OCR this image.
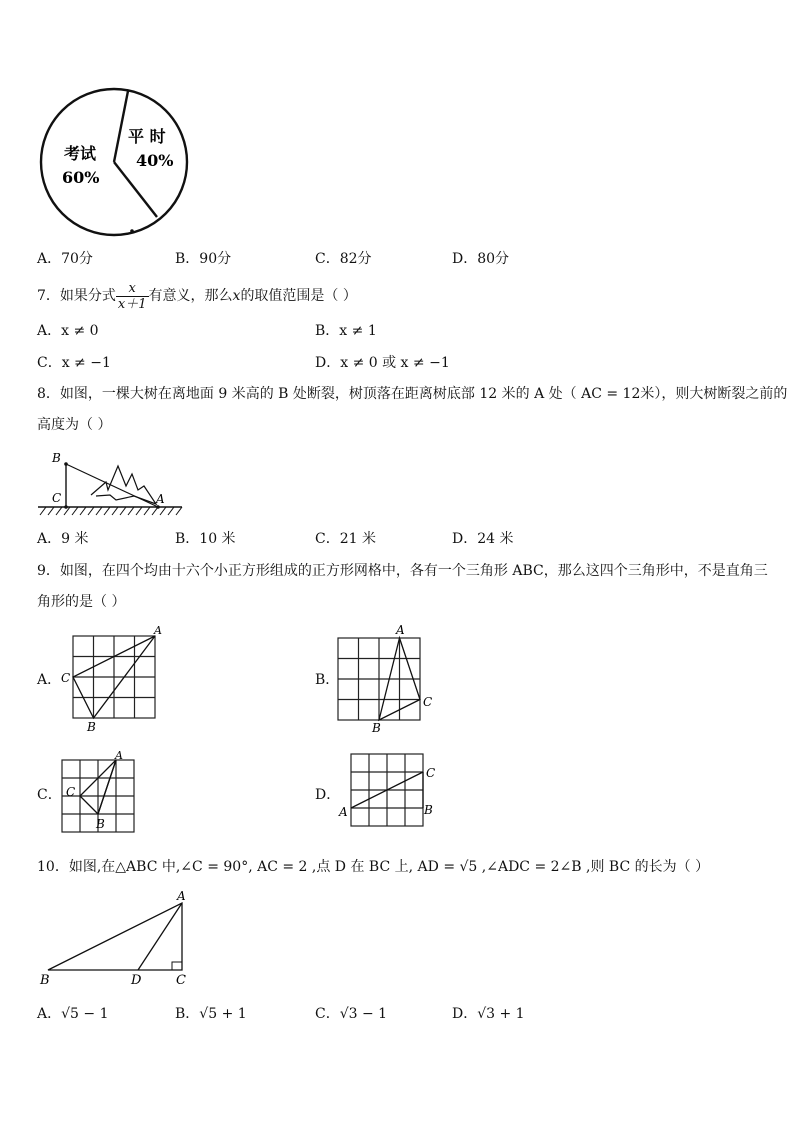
考试
60%
平 时
40%
A．70分	B．90分	C．82分	D．80分
7．如果分式 $\frac{x}{x+1}$ 有意义，那么x的取值范围是（ ）
A．x ≠ 0	B．x ≠ 1
C．x ≠ −1	D．x ≠ 0 或 x ≠ −1
8．如图，一棵大树在离地面 9 米高的 B 处断裂，树顶落在距离树底部 12 米的 A 处（ AC = 12米），则大树断裂之前的
高度为（ ）
B
C	A
A．9 米	B．10 米	C．21 米	D．24 米
9．如图，在四个均由十六个小正方形组成的正方形网格中，各有一个三角形 ABC，那么这四个三角形中，不是直角三
角形的是（ ）
A．
A
C
B
B．
A
C
B
C．
A
C
B
D．
A
C
B
10．如图,在△ABC 中,∠C = 90°, AC = 2 ,点 D 在 BC 上, AD = √5 ,∠ADC = 2∠B ,则 BC 的长为（ ）
A
B	D	C
A．√5 − 1	B．√5 + 1	C．√3 − 1	D．√3 + 1
